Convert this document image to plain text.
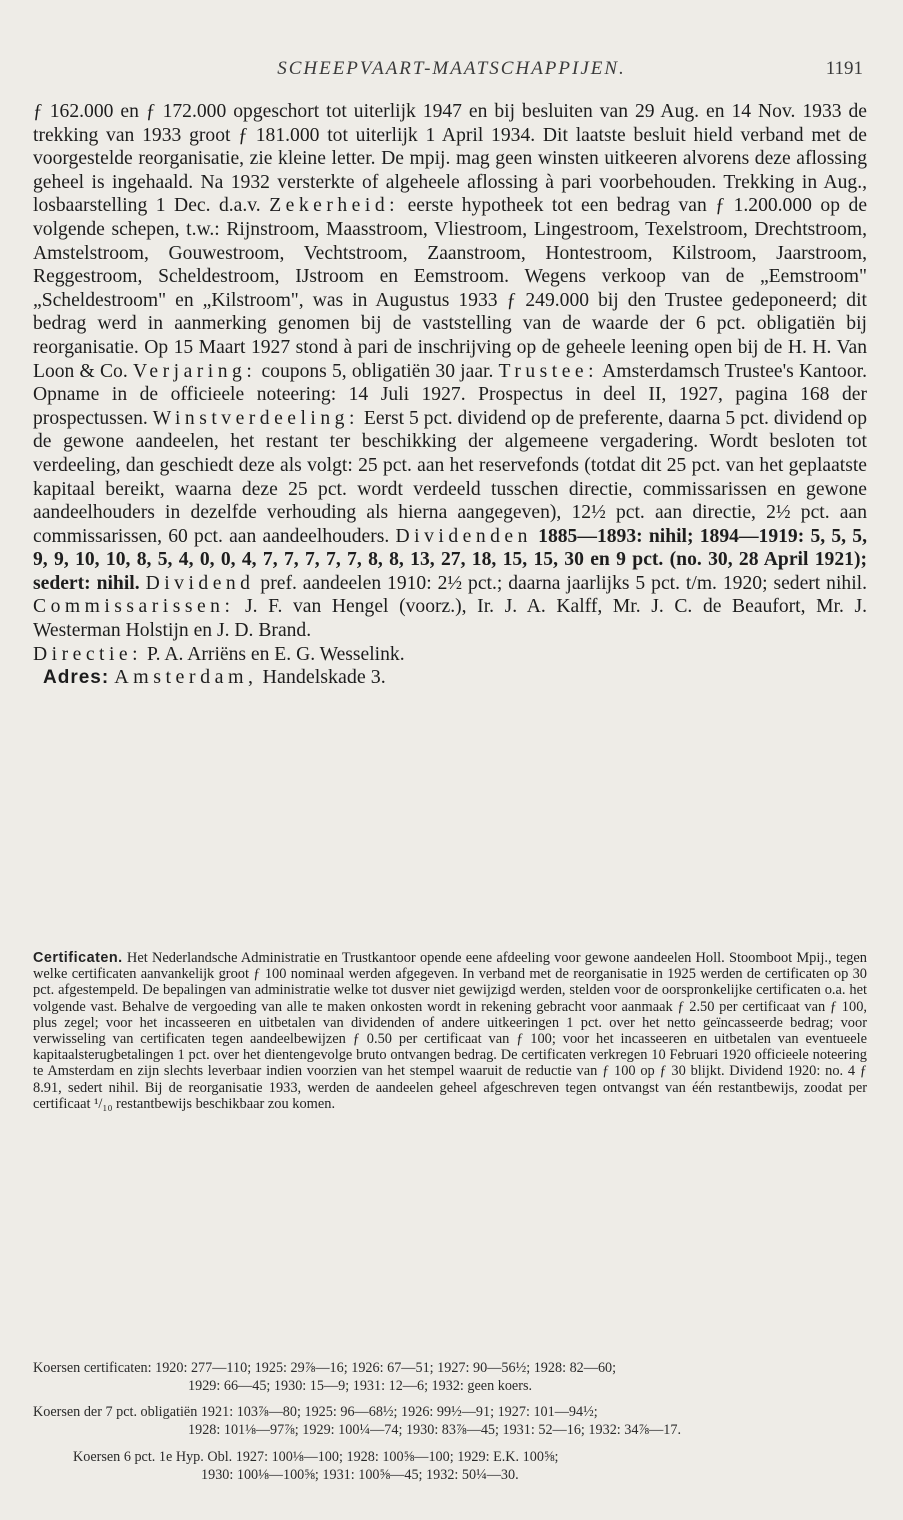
SCHEEPVAART-MAATSCHAPPIJEN.	1191

ƒ 162.000 en ƒ 172.000 opgeschort tot uiterlijk 1947 en bij besluiten van 29 Aug. en 14 Nov. 1933 de trekking van 1933 groot ƒ 181.000 tot uiterlijk 1 April 1934. Dit laatste besluit hield verband met de voorgestelde reorganisatie, zie kleine letter. De mpij. mag geen winsten uitkeeren alvorens deze aflossing geheel is ingehaald. Na 1932 versterkte of algeheele aflossing à pari voorbehouden. Trekking in Aug., losbaarstelling 1 Dec. d.a.v. Zekerheid: eerste hypotheek tot een bedrag van ƒ 1.200.000 op de volgende schepen, t.w.: Rijnstroom, Maasstroom, Vliestroom, Lingestroom, Texelstroom, Drechtstroom, Amstelstroom, Gouwestroom, Vechtstroom, Zaanstroom, Hontestroom, Kilstroom, Jaarstroom, Reggestroom, Scheldestroom, IJstroom en Eemstroom. Wegens verkoop van de „Eemstroom" „Scheldestroom" en „Kilstroom", was in Augustus 1933 ƒ 249.000 bij den Trustee gedeponeerd; dit bedrag werd in aanmerking genomen bij de vaststelling van de waarde der 6 pct. obligatiën bij reorganisatie. Op 15 Maart 1927 stond à pari de inschrijving op de geheele leening open bij de H. H. Van Loon & Co. Verjaring: coupons 5, obligatiën 30 jaar. Trustee: Amsterdamsch Trustee's Kantoor. Opname in de officieele noteering: 14 Juli 1927. Prospectus in deel II, 1927, pagina 168 der prospectussen. Winstverdeeling: Eerst 5 pct. dividend op de preferente, daarna 5 pct. dividend op de gewone aandeelen, het restant ter beschikking der algemeene vergadering. Wordt besloten tot verdeeling, dan geschiedt deze als volgt: 25 pct. aan het reservefonds (totdat dit 25 pct. van het geplaatste kapitaal bereikt, waarna deze 25 pct. wordt verdeeld tusschen directie, commissarissen en gewone aandeelhouders in dezelfde verhouding als hierna aangegeven), 12½ pct. aan directie, 2½ pct. aan commissarissen, 60 pct. aan aandeelhouders. Dividenden 1885—1893: nihil; 1894—1919: 5, 5, 5, 9, 9, 10, 10, 8, 5, 4, 0, 0, 4, 7, 7, 7, 7, 7, 8, 8, 13, 27, 18, 15, 15, 30 en 9 pct. (no. 30, 28 April 1921); sedert: nihil. Dividend pref. aandeelen 1910: 2½ pct.; daarna jaarlijks 5 pct. t/m. 1920; sedert nihil. Commissarissen: J. F. van Hengel (voorz.), Ir. J. A. Kalff, Mr. J. C. de Beaufort, Mr. J. Westerman Holstijn en J. D. Brand.

Directie: P. A. Arriëns en E. G. Wesselink.

Adres: Amsterdam, Handelskade 3.

Certificaten. Het Nederlandsche Administratie en Trustkantoor opende eene afdeeling voor gewone aandeelen Holl. Stoomboot Mpij., tegen welke certificaten aanvankelijk groot ƒ 100 nominaal werden afgegeven. In verband met de reorganisatie in 1925 werden de certificaten op 30 pct. afgestempeld. De bepalingen van administratie welke tot dusver niet gewijzigd werden, stelden voor de oorspronkelijke certificaten o.a. het volgende vast. Behalve de vergoeding van alle te maken onkosten wordt in rekening gebracht voor aanmaak ƒ 2.50 per certificaat van ƒ 100, plus zegel; voor het incasseeren en uitbetalen van dividenden of andere uitkeeringen 1 pct. over het netto geïncasseerde bedrag; voor verwisseling van certificaten tegen aandeelbewijzen ƒ 0.50 per certificaat van ƒ 100; voor het incasseeren en uitbetalen van eventueele kapitaalsterugbetalingen 1 pct. over het dientengevolge bruto ontvangen bedrag. De certificaten verkregen 10 Februari 1920 officieele noteering te Amsterdam en zijn slechts leverbaar indien voorzien van het stempel waaruit de reductie van ƒ 100 op ƒ 30 blijkt. Dividend 1920: no. 4 ƒ 8.91, sedert nihil. Bij de reorganisatie 1933, werden de aandeelen geheel afgeschreven tegen ontvangst van één restantbewijs, zoodat per certificaat ¹/₁₀ restantbewijs beschikbaar zou komen.

Koersen certificaten: 1920: 277—110; 1925: 29⅞—16; 1926: 67—51; 1927: 90—56½; 1928: 82—60;

1929: 66—45; 1930: 15—9; 1931: 12—6; 1932: geen koers.

Koersen der 7 pct. obligatiën 1921: 103⅞—80; 1925: 96—68½; 1926: 99½—91; 1927: 101—94½;

1928: 101⅛—97⅞; 1929: 100¼—74; 1930: 83⅞—45; 1931: 52—16; 1932: 34⅞—17.

Koersen 6 pct. 1e Hyp. Obl. 1927: 100⅛—100; 1928: 100⅝—100; 1929: E.K. 100⅝;

1930: 100⅛—100⅝; 1931: 100⅝—45; 1932: 50¼—30.
